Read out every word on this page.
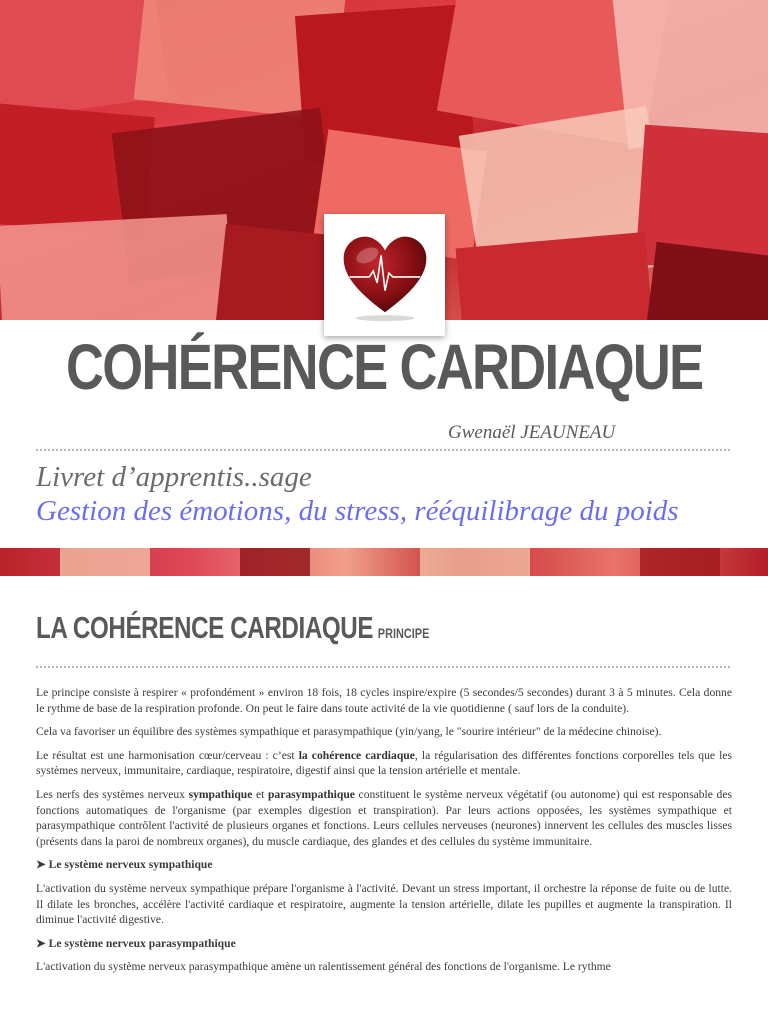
COHÉRENCE CARDIAQUE
Gwenaël JEAUNEAU
Livret d’apprentis..sage
Gestion des émotions, du stress, rééquilibrage du poids
LA COHÉRENCE CARDIAQUE PRINCIPE

Le principe consiste à respirer « profondément » environ 18 fois, 18 cycles inspire/expire (5 secondes/5 secondes) durant 3 à 5 minutes. Cela donne le rythme de base de la respiration profonde. On peut le faire dans toute activité de la vie quotidienne ( sauf lors de la conduite).

Cela va favoriser un équilibre des systèmes sympathique et parasympathique (yin/yang, le "sourire intérieur" de la médecine chinoise).

Le résultat est une harmonisation cœur/cerveau : c’est la cohérence cardiaque, la régularisation des différentes fonctions corporelles tels que les systèmes nerveux, immunitaire, cardiaque, respiratoire, digestif ainsi que la tension artérielle et mentale.

Les nerfs des systèmes nerveux sympathique et parasympathique constituent le système nerveux végétatif (ou autonome) qui est responsable des fonctions automatiques de l'organisme (par exemples digestion et transpiration). Par leurs actions opposées, les systèmes sympathique et parasympathique contrôlent l'activité de plusieurs organes et fonctions. Leurs cellules nerveuses (neurones) innervent les cellules des muscles lisses (présents dans la paroi de nombreux organes), du muscle cardiaque, des glandes et des cellules du système immunitaire.

➤ Le système nerveux sympathique

L'activation du système nerveux sympathique prépare l'organisme à l'activité. Devant un stress important, il orchestre la réponse de fuite ou de lutte. Il dilate les bronches, accélère l'activité cardiaque et respiratoire, augmente la tension artérielle, dilate les pupilles et augmente la transpiration. Il diminue l'activité digestive.

➤ Le système nerveux parasympathique

L'activation du système nerveux parasympathique amène un ralentissement général des fonctions de l'organisme. Le rythme
